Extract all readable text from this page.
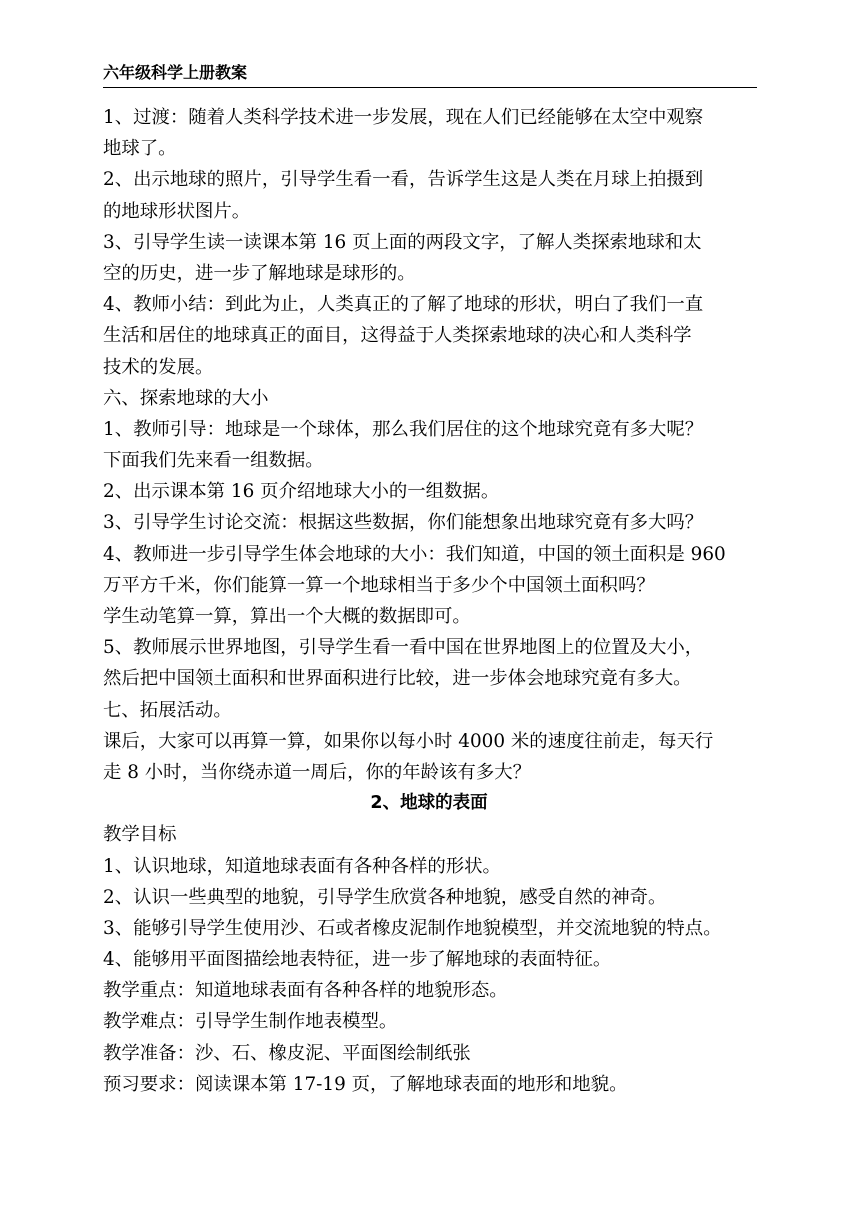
六年级科学上册教案
1、过渡：随着人类科学技术进一步发展，现在人们已经能够在太空中观察
地球了。
2、出示地球的照片，引导学生看一看，告诉学生这是人类在月球上拍摄到
的地球形状图片。
3、引导学生读一读课本第 16 页上面的两段文字，了解人类探索地球和太
空的历史，进一步了解地球是球形的。
4、教师小结：到此为止，人类真正的了解了地球的形状，明白了我们一直
生活和居住的地球真正的面目，这得益于人类探索地球的决心和人类科学
技术的发展。
六、探索地球的大小
1、教师引导：地球是一个球体，那么我们居住的这个地球究竟有多大呢？
下面我们先来看一组数据。
2、出示课本第 16 页介绍地球大小的一组数据。
3、引导学生讨论交流：根据这些数据，你们能想象出地球究竟有多大吗？
4、教师进一步引导学生体会地球的大小：我们知道，中国的领土面积是 960
万平方千米，你们能算一算一个地球相当于多少个中国领土面积吗？
学生动笔算一算，算出一个大概的数据即可。
5、教师展示世界地图，引导学生看一看中国在世界地图上的位置及大小，
然后把中国领土面积和世界面积进行比较，进一步体会地球究竟有多大。
七、拓展活动。
课后，大家可以再算一算，如果你以每小时 4000 米的速度往前走，每天行
走 8 小时，当你绕赤道一周后，你的年龄该有多大？
2、地球的表面
教学目标
1、认识地球，知道地球表面有各种各样的形状。
2、认识一些典型的地貌，引导学生欣赏各种地貌，感受自然的神奇。
3、能够引导学生使用沙、石或者橡皮泥制作地貌模型，并交流地貌的特点。
4、能够用平面图描绘地表特征，进一步了解地球的表面特征。
教学重点：知道地球表面有各种各样的地貌形态。
教学难点：引导学生制作地表模型。
教学准备：沙、石、橡皮泥、平面图绘制纸张
预习要求：阅读课本第 17-19 页，了解地球表面的地形和地貌。
